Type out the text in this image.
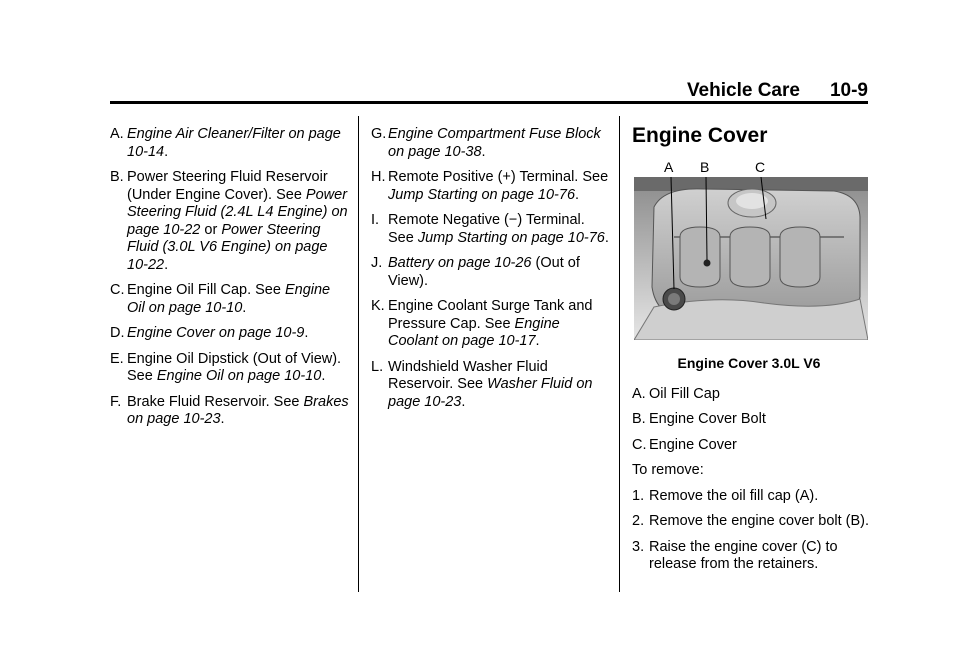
Vehicle Care 10-9
A. Engine Air Cleaner/Filter on page 10-14.
B. Power Steering Fluid Reservoir (Under Engine Cover). See Power Steering Fluid (2.4L L4 Engine) on page 10-22 or Power Steering Fluid (3.0L V6 Engine) on page 10-22.
C. Engine Oil Fill Cap. See Engine Oil on page 10-10.
D. Engine Cover on page 10-9.
E. Engine Oil Dipstick (Out of View). See Engine Oil on page 10-10.
F. Brake Fluid Reservoir. See Brakes on page 10-23.
G. Engine Compartment Fuse Block on page 10-38.
H. Remote Positive (+) Terminal. See Jump Starting on page 10-76.
I. Remote Negative (−) Terminal. See Jump Starting on page 10-76.
J. Battery on page 10-26 (Out of View).
K. Engine Coolant Surge Tank and Pressure Cap. See Engine Coolant on page 10-17.
L. Windshield Washer Fluid Reservoir. See Washer Fluid on page 10-23.
Engine Cover
A B	C
Engine Cover 3.0L V6
A. Oil Fill Cap
B. Engine Cover Bolt
C. Engine Cover
To remove:
1. Remove the oil fill cap (A).
2. Remove the engine cover bolt (B).
3. Raise the engine cover (C) to release from the retainers.
